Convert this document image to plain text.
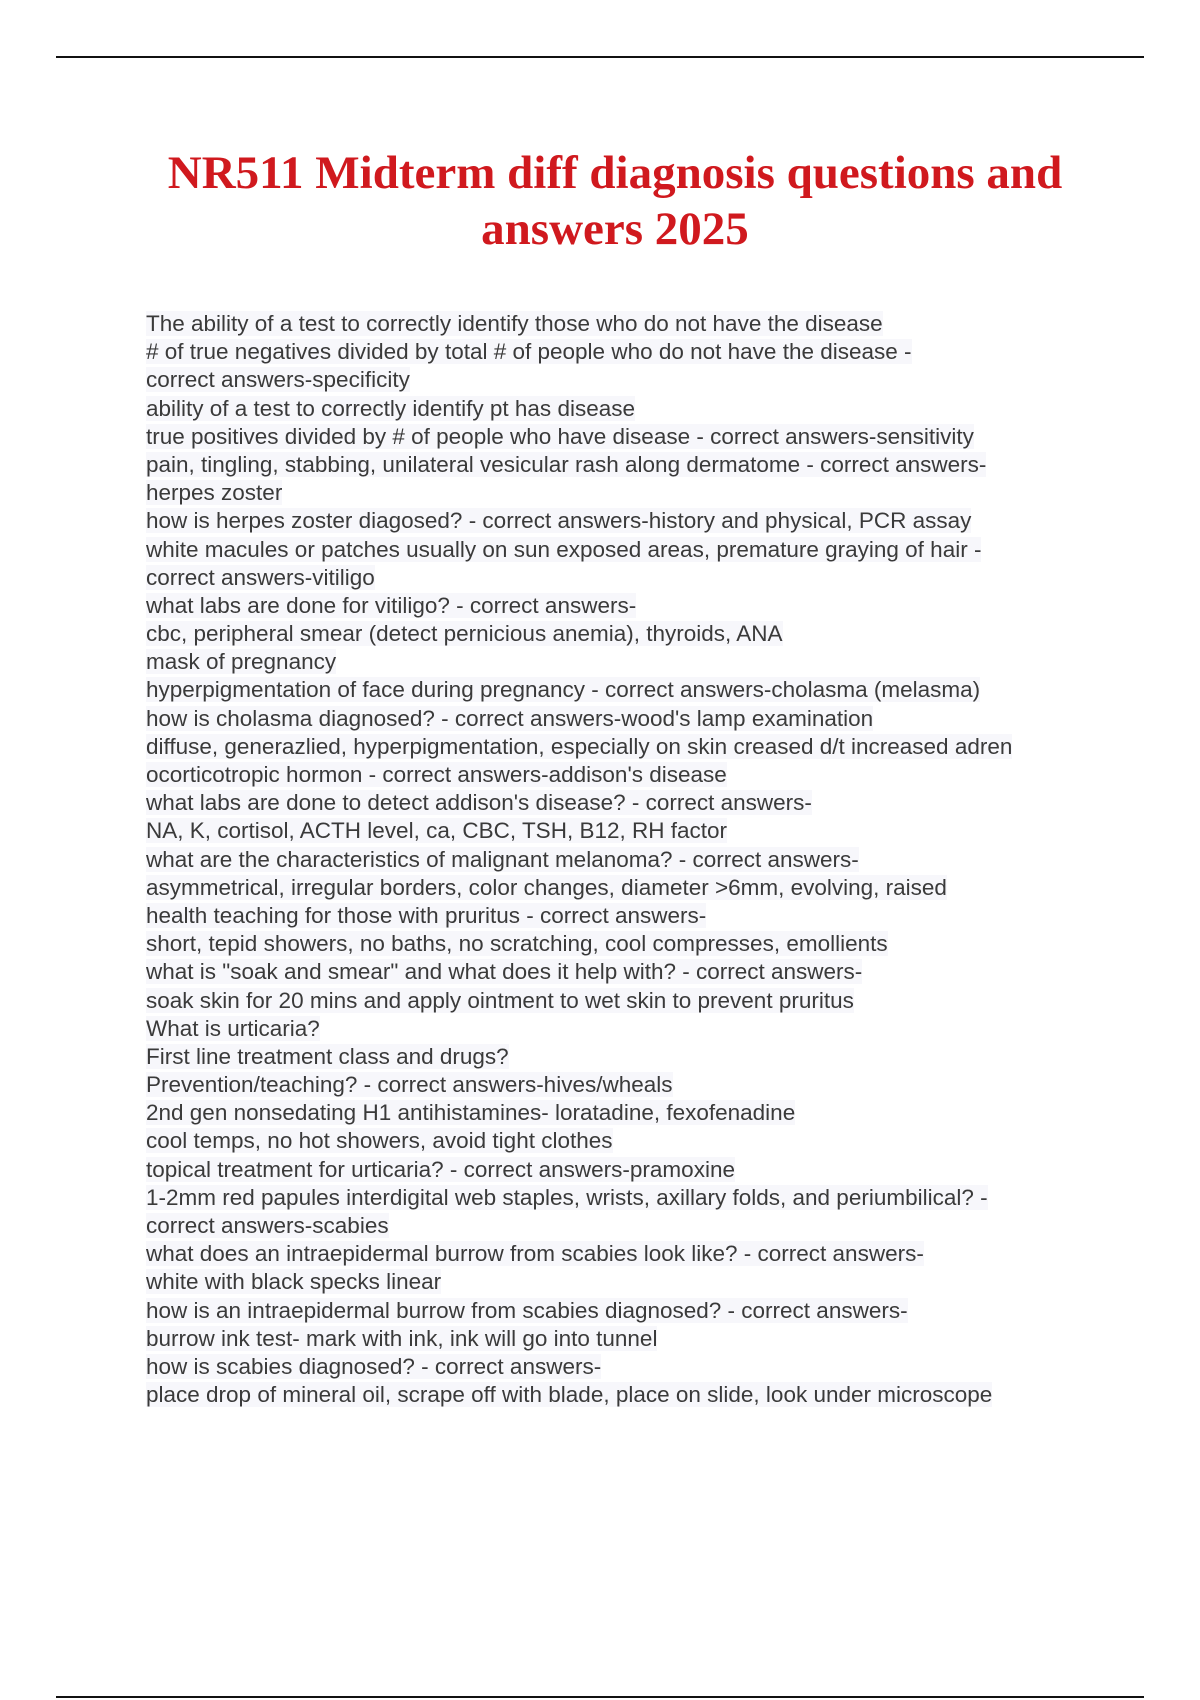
NR511 Midterm diff diagnosis questions and
answers 2025
The ability of a test to correctly identify those who do not have the disease
# of true negatives divided by total # of people who do not have the disease -
correct answers-specificity
ability of a test to correctly identify pt has disease
true positives divided by # of people who have disease - correct answers-sensitivity
pain, tingling, stabbing, unilateral vesicular rash along dermatome - correct answers-
herpes zoster
how is herpes zoster diagosed? - correct answers-history and physical, PCR assay
white macules or patches usually on sun exposed areas, premature graying of hair -
correct answers-vitiligo
what labs are done for vitiligo? - correct answers-
cbc, peripheral smear (detect pernicious anemia), thyroids, ANA
mask of pregnancy
hyperpigmentation of face during pregnancy - correct answers-cholasma (melasma)
how is cholasma diagnosed? - correct answers-wood's lamp examination
diffuse, generazlied, hyperpigmentation, especially on skin creased d/t increased adren
ocorticotropic hormon - correct answers-addison's disease
what labs are done to detect addison's disease? - correct answers-
NA, K, cortisol, ACTH level, ca, CBC, TSH, B12, RH factor
what are the characteristics of malignant melanoma? - correct answers-
asymmetrical, irregular borders, color changes, diameter >6mm, evolving, raised
health teaching for those with pruritus - correct answers-
short, tepid showers, no baths, no scratching, cool compresses, emollients
what is "soak and smear" and what does it help with? - correct answers-
soak skin for 20 mins and apply ointment to wet skin to prevent pruritus
What is urticaria?
First line treatment class and drugs?
Prevention/teaching? - correct answers-hives/wheals
2nd gen nonsedating H1 antihistamines- loratadine, fexofenadine
cool temps, no hot showers, avoid tight clothes
topical treatment for urticaria? - correct answers-pramoxine
1-2mm red papules interdigital web staples, wrists, axillary folds, and periumbilical? -
correct answers-scabies
what does an intraepidermal burrow from scabies look like? - correct answers-
white with black specks linear
how is an intraepidermal burrow from scabies diagnosed? - correct answers-
burrow ink test- mark with ink, ink will go into tunnel
how is scabies diagnosed? - correct answers-
place drop of mineral oil, scrape off with blade, place on slide, look under microscope
